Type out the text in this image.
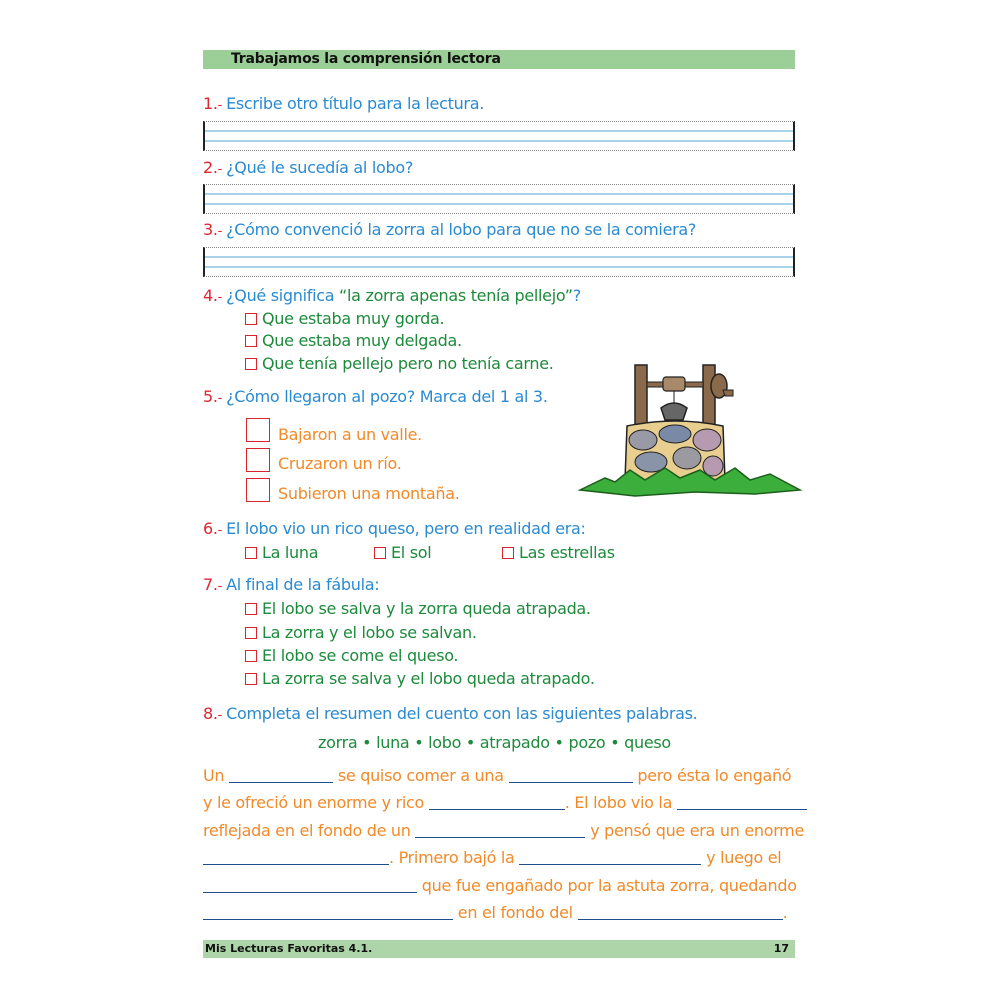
Trabajamos la comprensión lectora
1.- Escribe otro título para la lectura.
2.- ¿Qué le sucedía al lobo?
3.- ¿Cómo convenció la zorra al lobo para que no se la comiera?
4.- ¿Qué significa “la zorra apenas tenía pellejo”?
Que estaba muy gorda.
Que estaba muy delgada.
Que tenía pellejo pero no tenía carne.
5.- ¿Cómo llegaron al pozo? Marca del 1 al 3.
Bajaron a un valle.
Cruzaron un río.
Subieron una montaña.
6.- El lobo vio un rico queso, pero en realidad era:
La luna	El sol	Las estrellas
7.- Al final de la fábula:
El lobo se salva y la zorra queda atrapada.
La zorra y el lobo se salvan.
El lobo se come el queso.
La zorra se salva y el lobo queda atrapado.
8.- Completa el resumen del cuento con las siguientes palabras.
zorra • luna • lobo • atrapado • pozo • queso
Un	se quiso comer a una	pero ésta lo engañó
y le ofreció un enorme y rico	. El lobo vio la
reflejada en el fondo de un	y pensó que era un enorme
. Primero bajó la	y luego el
que fue engañado por la astuta zorra, quedando
en el fondo del	.
Mis Lecturas Favoritas 4.1.	17
